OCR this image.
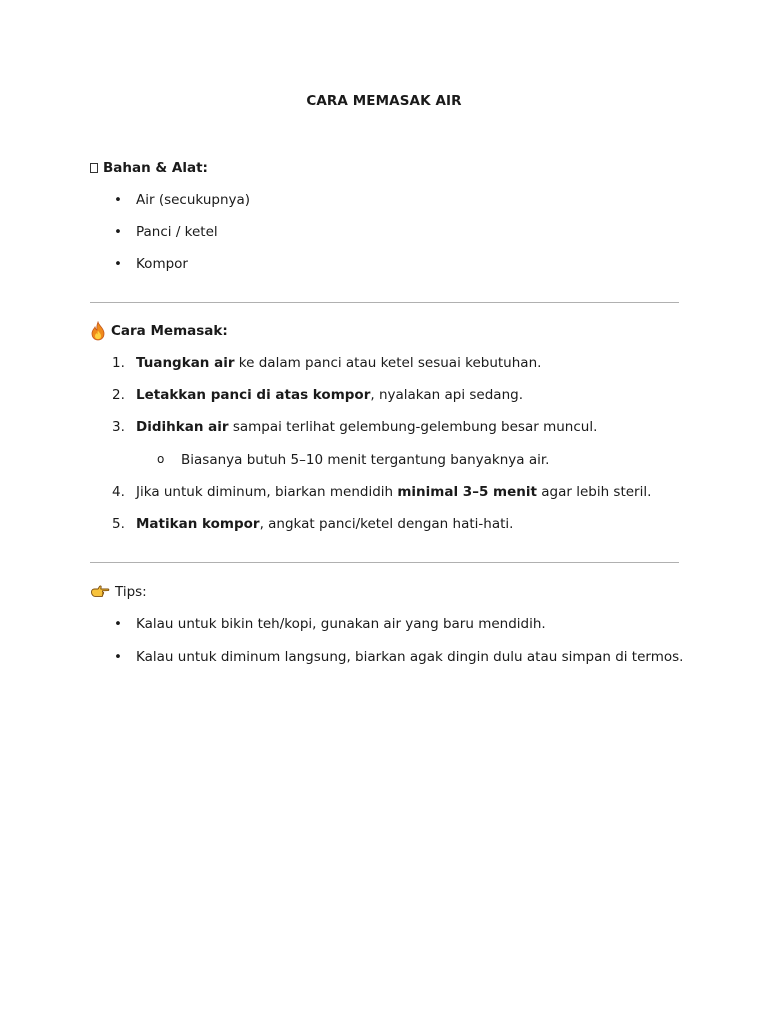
CARA MEMASAK AIR
Bahan & Alat:
• Air (secukupnya)
• Panci / ketel
• Kompor
Cara Memasak:
1. Tuangkan air ke dalam panci atau ketel sesuai kebutuhan.
2. Letakkan panci di atas kompor, nyalakan api sedang.
3. Didihkan air sampai terlihat gelembung-gelembung besar muncul.
o Biasanya butuh 5–10 menit tergantung banyaknya air.
4. Jika untuk diminum, biarkan mendidih minimal 3–5 menit agar lebih steril.
5. Matikan kompor, angkat panci/ketel dengan hati-hati.
Tips:
• Kalau untuk bikin teh/kopi, gunakan air yang baru mendidih.
• Kalau untuk diminum langsung, biarkan agak dingin dulu atau simpan di termos.
